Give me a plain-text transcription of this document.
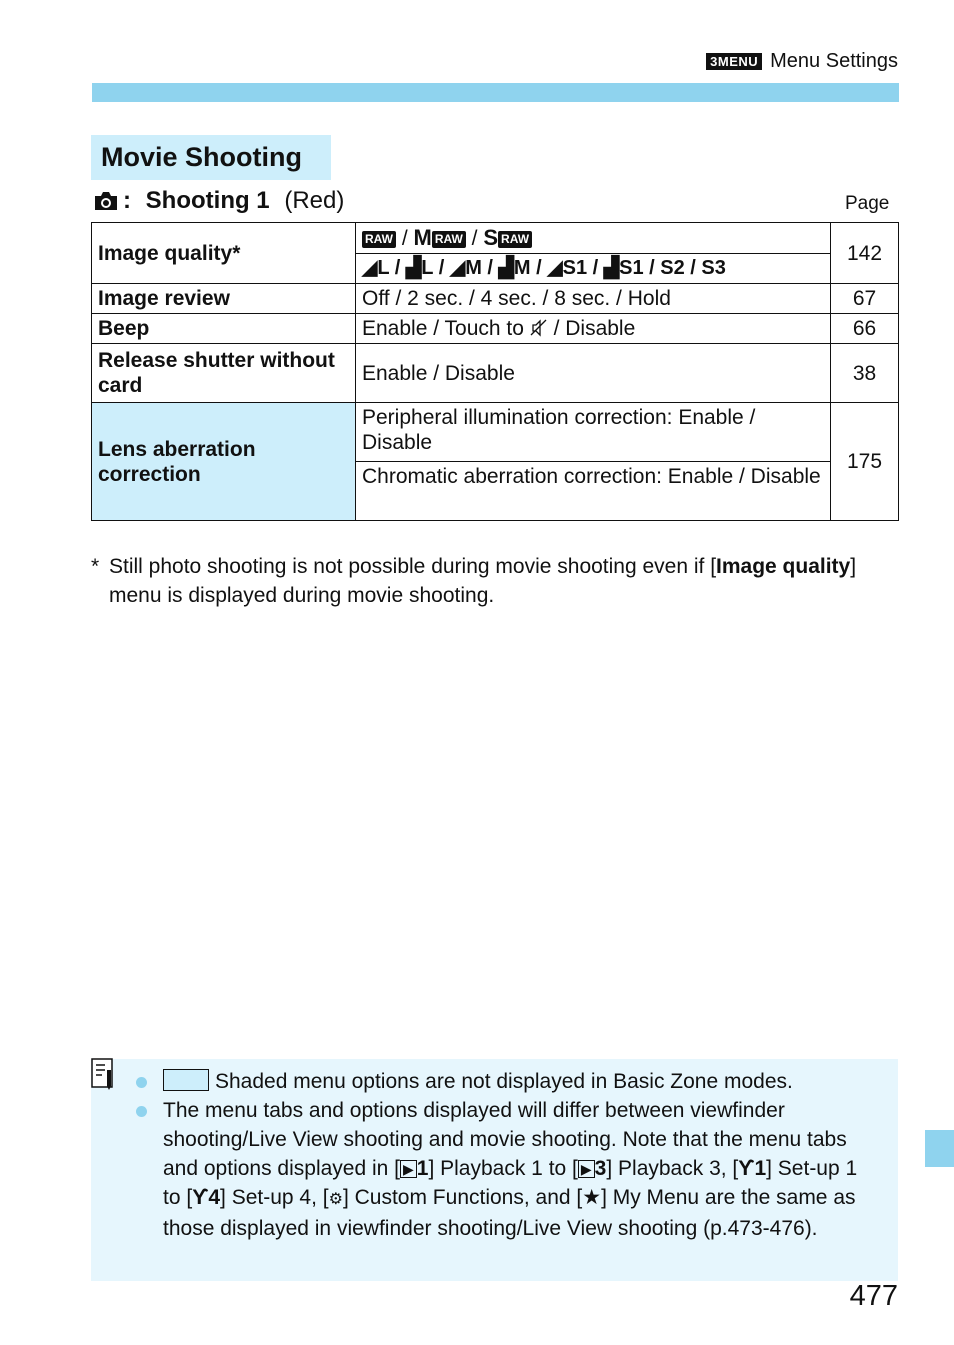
3MENU Menu Settings
Movie Shooting
:
Shooting 1
(Red)	Page
Image quality*	RAW / M RAW / S RAW	142
	◢L / ▟L / ◢M / ▟M / ◢S1 / ▟S1 / S2 / S3	
Image review	Off / 2 sec. / 4 sec. / 8 sec. / Hold	67
Beep	Enable / Touch to  / Disable	66
Release shutter without card	Enable / Disable	38
Lens aberration correction	Peripheral illumination correction: Enable / Disable	175
	Chromatic aberration correction: Enable / Disable	
* Still photo shooting is not possible during movie shooting even if [Image quality] menu is displayed during movie shooting.
Shaded menu options are not displayed in Basic Zone modes.
The menu tabs and options displayed will differ between viewfinder shooting/Live View shooting and movie shooting. Note that the menu tabs and options displayed in [ ▶ 1] Playback 1 to [ ▶ 3] Playback 3, [ϒ1] Set-up 1 to [ϒ4] Set-up 4, [⚙] Custom Functions, and [★] My Menu are the same as those displayed in viewfinder shooting/Live View shooting (p.473-476).
477
